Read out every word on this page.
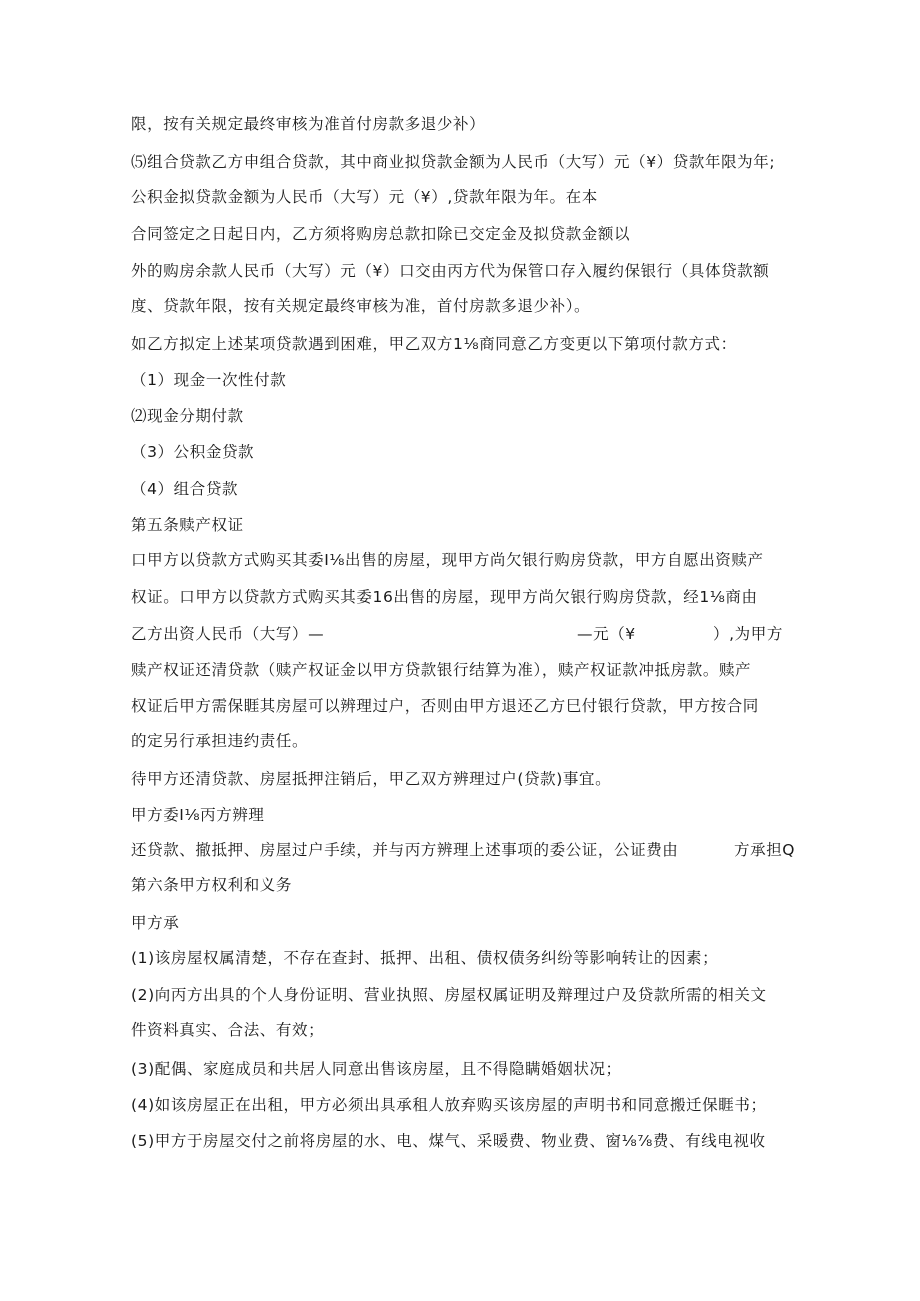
限，按有关规定最终审核为准首付房款多退少补）
⑸组合贷款乙方申组合贷款，其中商业拟贷款金额为人民币（大写）元（¥）贷款年限为年;
公积金拟贷款金额为人民币（大写）元（¥）,贷款年限为年。在本
合同签定之日起日内，乙方须将购房总款扣除已交定金及拟贷款金额以
外的购房余款人民币（大写）元（¥）口交由丙方代为保管口存入履约保银行（具体贷款额
度、贷款年限，按有关规定最终审核为准，首付房款多退少补）。
如乙方拟定上述某项贷款遇到困难，甲乙双方1⅛商同意乙方变更以下第项付款方式：
（1）现金一次性付款
⑵现金分期付款
（3）公积金贷款
（4）组合贷款
第五条赎产权证
口甲方以贷款方式购买其委I⅛出售的房屋，现甲方尚欠银行购房贷款，甲方自愿出资赎产
权证。口甲方以贷款方式购买其委16出售的房屋，现甲方尚欠银行购房贷款，经1⅛商由

乙方出资人民币（大写）—

	—元（¥

	）,为甲方

赎产权证还清贷款（赎产权证金以甲方贷款银行结算为准），赎产权证款冲抵房款。赎产
权证后甲方需保睚其房屋可以辨理过户，否则由甲方退还乙方巳付银行贷款，甲方按合同
的定另行承担违约责任。
待甲方还清贷款、房屋抵押注销后，甲乙双方辨理过户(贷款)事宜。
甲方委I⅛丙方辨理

还贷款、撤抵押、房屋过户手续，并与丙方辨理上述事项的委公证，公证费由

	方承担Q

第六条甲方权利和义务
甲方承
(1)该房屋权属清楚，不存在查封、抵押、出租、债权债务纠纷等影响转让的因素；
(2)向丙方出具的个人身份证明、营业执照、房屋权属证明及辩理过户及贷款所需的相关文
件资料真实、合法、有效；
(3)配偶、家庭成员和共居人同意出售该房屋，且不得隐瞒婚姻状况；
(4)如该房屋正在出租，甲方必须出具承租人放弃购买该房屋的声明书和同意搬迁保睚书；
(5)甲方于房屋交付之前将房屋的水、电、煤气、采暖费、物业费、窗⅛⅞费、有线电视收
